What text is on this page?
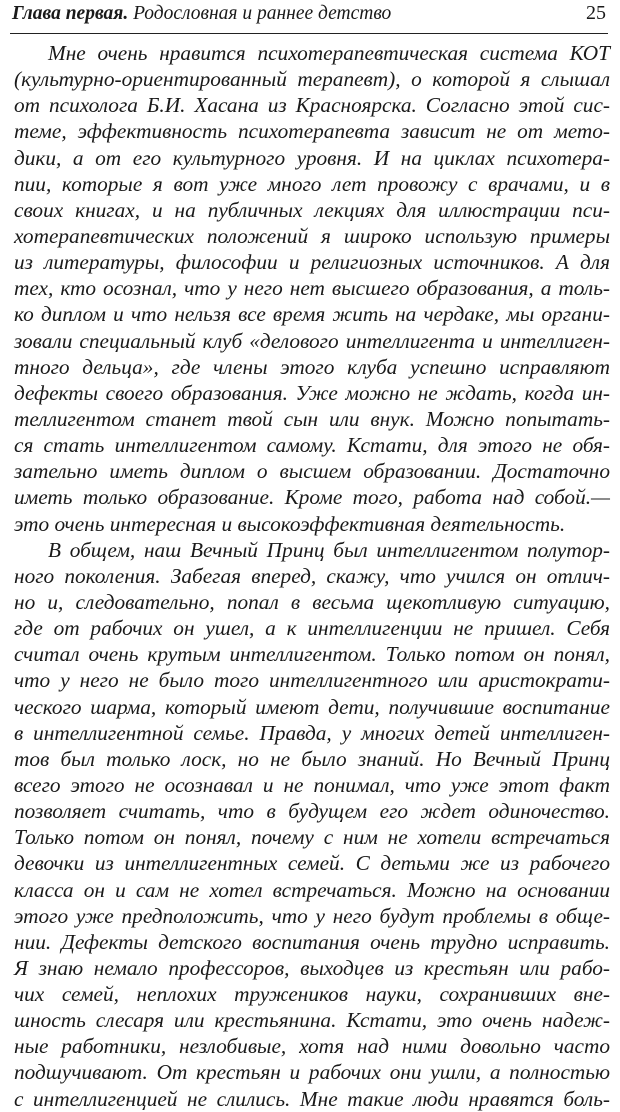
Глава первая. Родословная и раннее детство	25
Мне очень нравится психотерапевтическая система КОТ
(культурно-ориентированный терапевт), о которой я слышал
от психолога Б.И. Хасана из Красноярска. Согласно этой сис-
теме, эффективность психотерапевта зависит не от мето-
дики, а от его культурного уровня. И на циклах психотера-
пии, которые я вот уже много лет провожу с врачами, и в
своих книгах, и на публичных лекциях для иллюстрации пси-
хотерапевтических положений я широко использую примеры
из литературы, философии и религиозных источников. А для
тех, кто осознал, что у него нет высшего образования, а толь-
ко диплом и что нельзя все время жить на чердаке, мы органи-
зовали специальный клуб «делового интеллигента и интеллиген-
тного дельца», где члены этого клуба успешно исправляют
дефекты своего образования. Уже можно не ждать, когда ин-
теллигентом станет твой сын или внук. Можно попытать-
ся стать интеллигентом самому. Кстати, для этого не обя-
зательно иметь диплом о высшем образовании. Достаточно
иметь только образование. Кроме того, работа над собой.—
это очень интересная и высокоэффективная деятельность.
В общем, наш Вечный Принц был интеллигентом полутор-
ного поколения. Забегая вперед, скажу, что учился он отлич-
но и, следовательно, попал в весьма щекотливую ситуацию,
где от рабочих он ушел, а к интеллигенции не пришел. Себя
считал очень крутым интеллигентом. Только потом он понял,
что у него не было того интеллигентного или аристократи-
ческого шарма, который имеют дети, получившие воспитание
в интеллигентной семье. Правда, у многих детей интеллиген-
тов был только лоск, но не было знаний. Но Вечный Принц
всего этого не осознавал и не понимал, что уже этот факт
позволяет считать, что в будущем его ждет одиночество.
Только потом он понял, почему с ним не хотели встречаться
девочки из интеллигентных семей. С детьми же из рабочего
класса он и сам не хотел встречаться. Можно на основании
этого уже предположить, что у него будут проблемы в обще-
нии. Дефекты детского воспитания очень трудно исправить.
Я знаю немало профессоров, выходцев из крестьян или рабо-
чих семей, неплохих тружеников науки, сохранивших вне-
шность слесаря или крестьянина. Кстати, это очень надеж-
ные работники, незлобивые, хотя над ними довольно часто
подшучивают. От крестьян и рабочих они ушли, а полностью
с интеллигенцией не слились. Мне такие люди нравятся боль-
